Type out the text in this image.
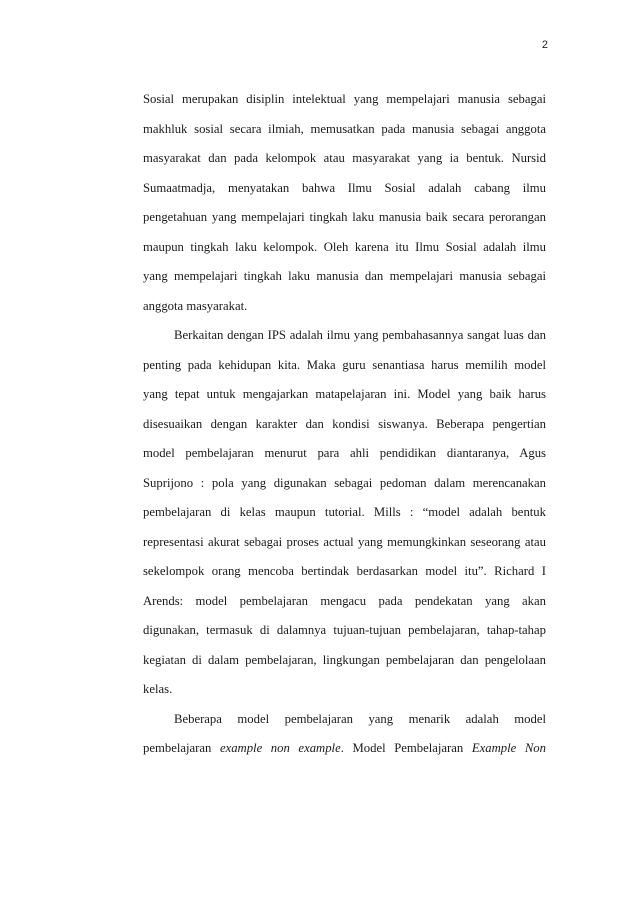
2
Sosial merupakan disiplin intelektual yang mempelajari manusia sebagai
makhluk sosial secara ilmiah, memusatkan pada manusia sebagai anggota
masyarakat dan pada kelompok atau masyarakat yang ia bentuk. Nursid
Sumaatmadja, menyatakan bahwa Ilmu Sosial adalah cabang ilmu
pengetahuan yang mempelajari tingkah laku manusia baik secara perorangan
maupun tingkah laku kelompok. Oleh karena itu Ilmu Sosial adalah ilmu
yang mempelajari tingkah laku manusia dan mempelajari manusia sebagai
anggota masyarakat.
Berkaitan dengan IPS adalah ilmu yang pembahasannya sangat luas dan
penting pada kehidupan kita. Maka guru senantiasa harus memilih model
yang tepat untuk mengajarkan matapelajaran ini. Model yang baik harus
disesuaikan dengan karakter dan kondisi siswanya. Beberapa pengertian
model pembelajaran menurut para ahli pendidikan diantaranya, Agus
Suprijono : pola yang digunakan sebagai pedoman dalam merencanakan
pembelajaran di kelas maupun tutorial. Mills : “model adalah bentuk
representasi akurat sebagai proses actual yang memungkinkan seseorang atau
sekelompok orang mencoba bertindak berdasarkan model itu”. Richard I
Arends: model pembelajaran mengacu pada pendekatan yang akan
digunakan, termasuk di dalamnya tujuan-tujuan pembelajaran, tahap-tahap
kegiatan di dalam pembelajaran, lingkungan pembelajaran dan pengelolaan
kelas.
Beberapa model pembelajaran yang menarik adalah model
pembelajaran example non example. Model Pembelajaran Example Non
